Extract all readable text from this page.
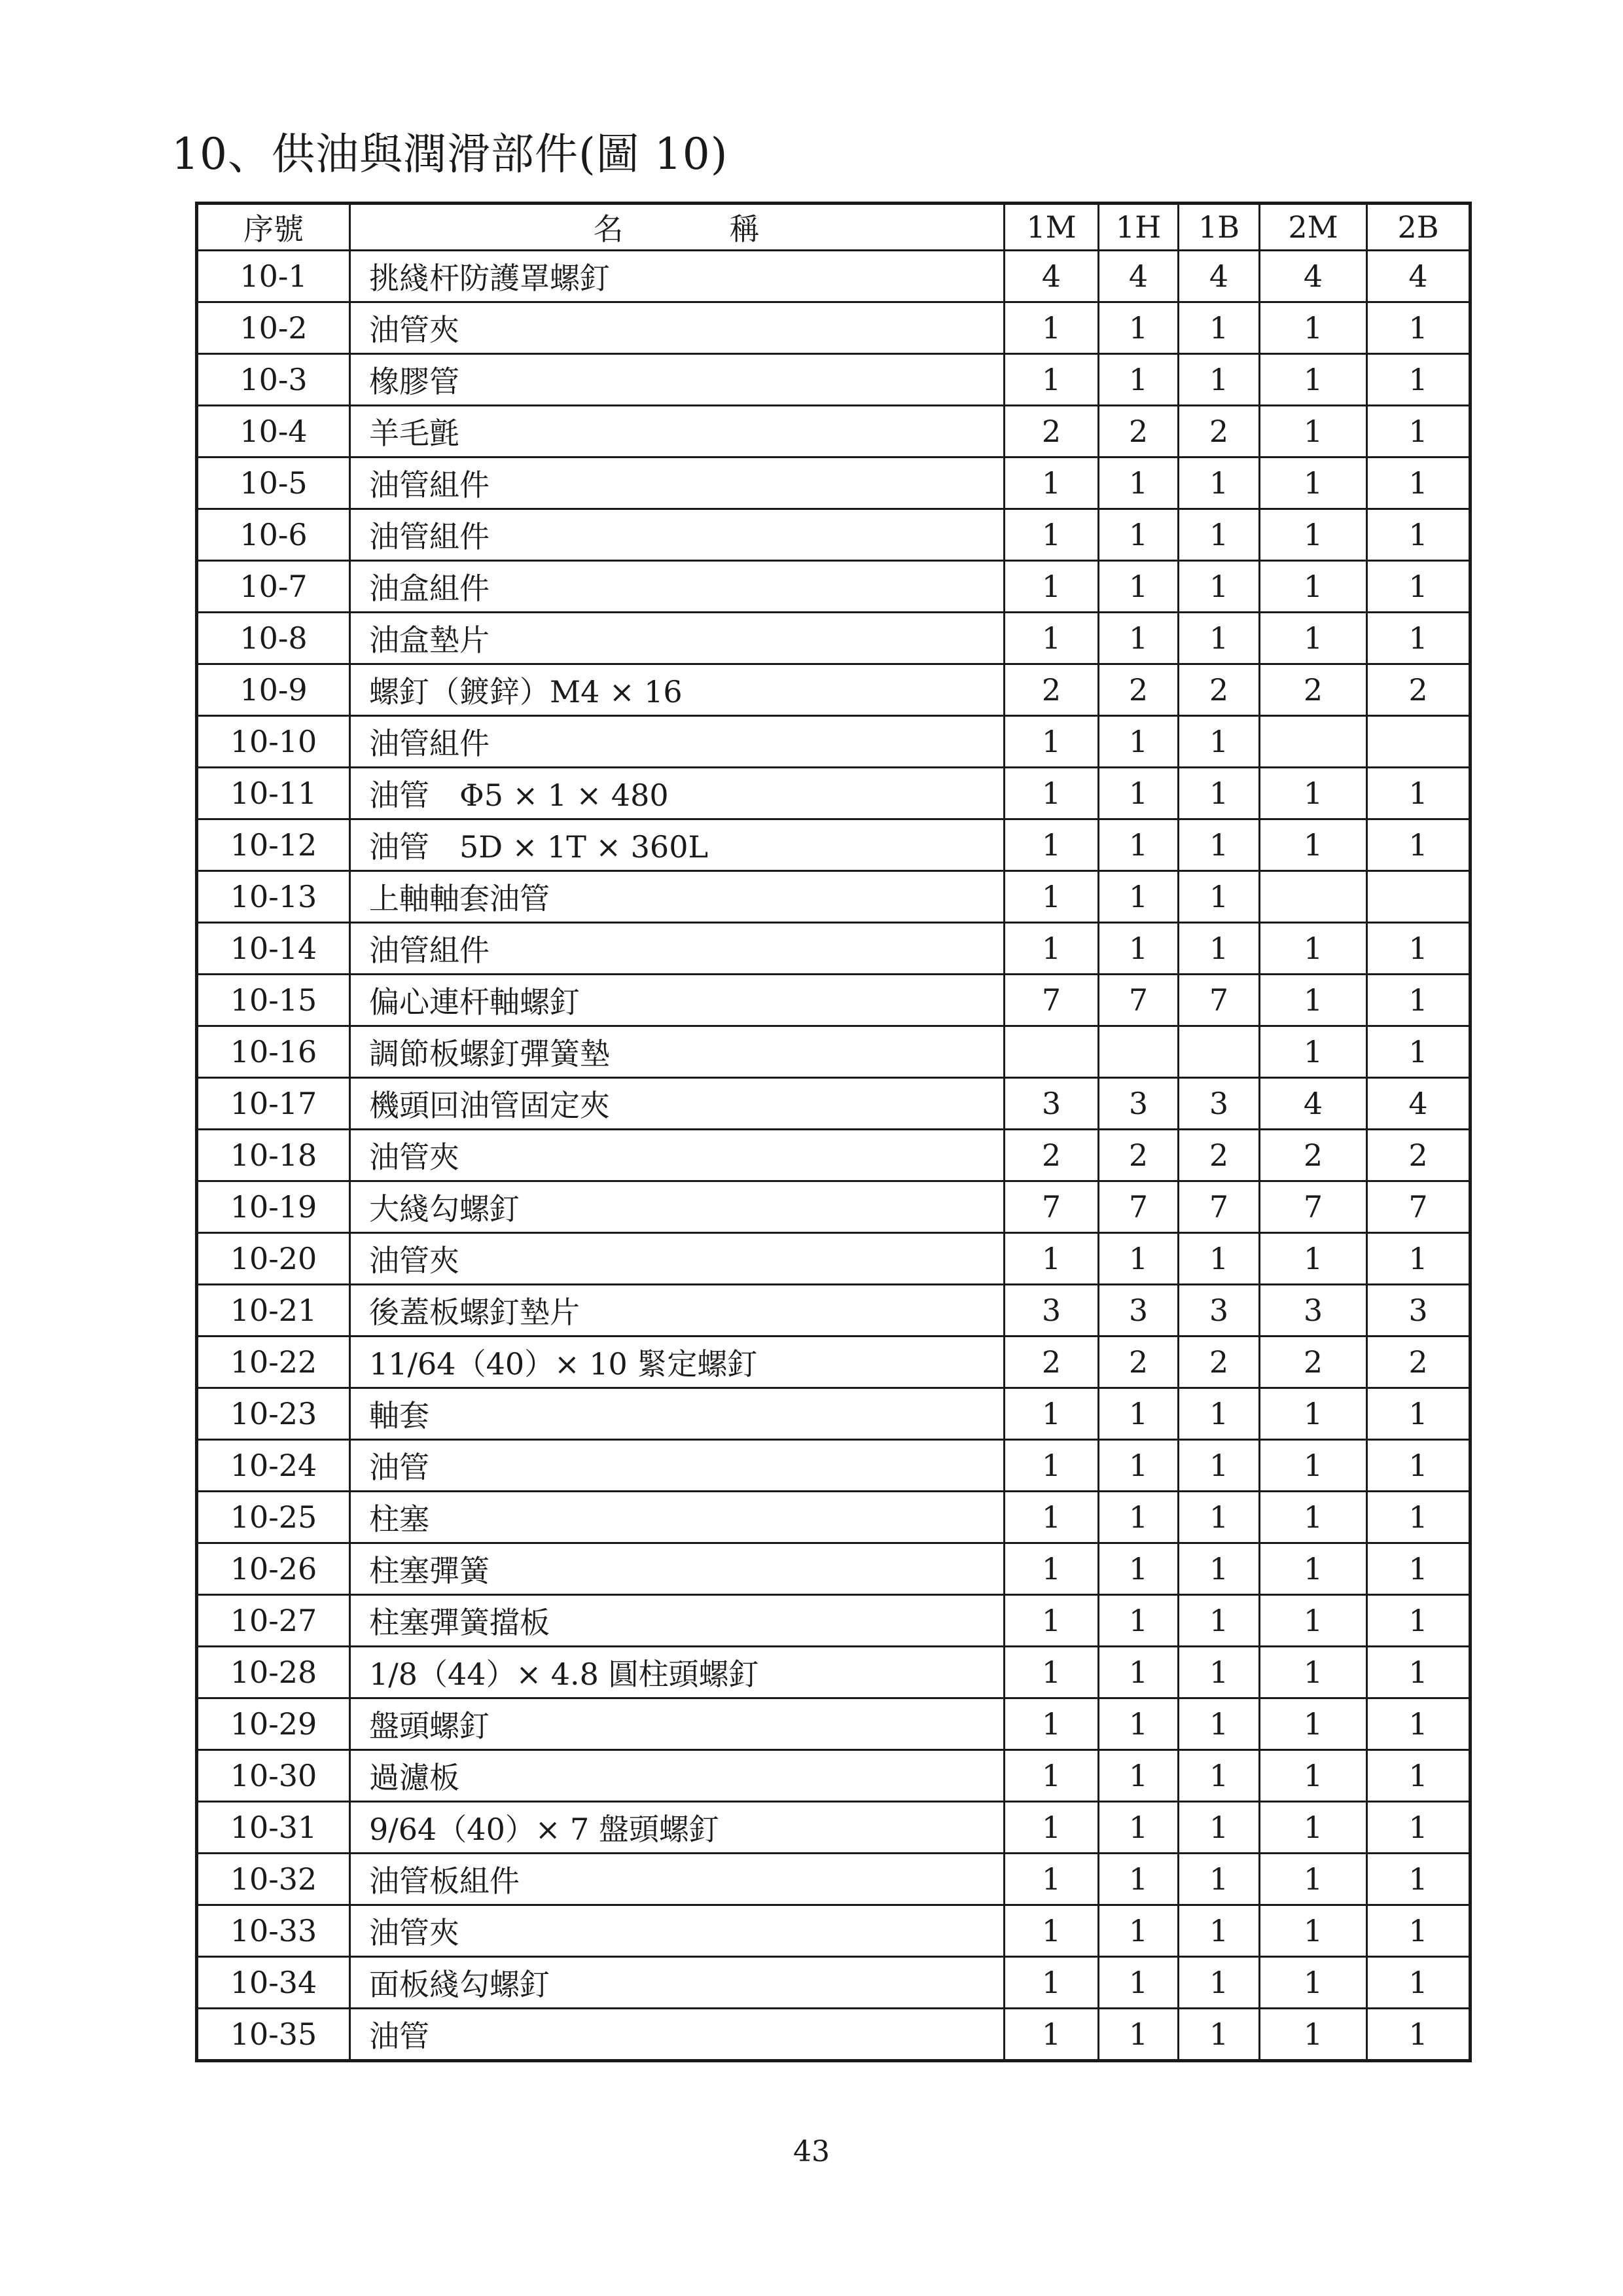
10、供油與潤滑部件(圖 10)
序號	名 稱	1M	1H	1B	2M	2B
10-1	挑綫杆防護罩螺釘	4	4	4	4	4
10-2	油管夾	1	1	1	1	1
10-3	橡膠管	1	1	1	1	1
10-4	羊毛氈	2	2	2	1	1
10-5	油管組件	1	1	1	1	1
10-6	油管組件	1	1	1	1	1
10-7	油盒組件	1	1	1	1	1
10-8	油盒墊片	1	1	1	1	1
10-9	螺釘（鍍鋅）M4 × 16	2	2	2	2	2
10-10	油管組件	1	1	1		
10-11	油管　Φ5 × 1 × 480	1	1	1	1	1
10-12	油管　5D × 1T × 360L	1	1	1	1	1
10-13	上軸軸套油管	1	1	1		
10-14	油管組件	1	1	1	1	1
10-15	偏心連杆軸螺釘	7	7	7	1	1
10-16	調節板螺釘彈簧墊				1	1
10-17	機頭回油管固定夾	3	3	3	4	4
10-18	油管夾	2	2	2	2	2
10-19	大綫勾螺釘	7	7	7	7	7
10-20	油管夾	1	1	1	1	1
10-21	後蓋板螺釘墊片	3	3	3	3	3
10-22	11/64（40）× 10 緊定螺釘	2	2	2	2	2
10-23	軸套	1	1	1	1	1
10-24	油管	1	1	1	1	1
10-25	柱塞	1	1	1	1	1
10-26	柱塞彈簧	1	1	1	1	1
10-27	柱塞彈簧擋板	1	1	1	1	1
10-28	1/8（44）× 4.8 圓柱頭螺釘	1	1	1	1	1
10-29	盤頭螺釘	1	1	1	1	1
10-30	過濾板	1	1	1	1	1
10-31	9/64（40）× 7 盤頭螺釘	1	1	1	1	1
10-32	油管板組件	1	1	1	1	1
10-33	油管夾	1	1	1	1	1
10-34	面板綫勾螺釘	1	1	1	1	1
10-35	油管	1	1	1	1	1
43
